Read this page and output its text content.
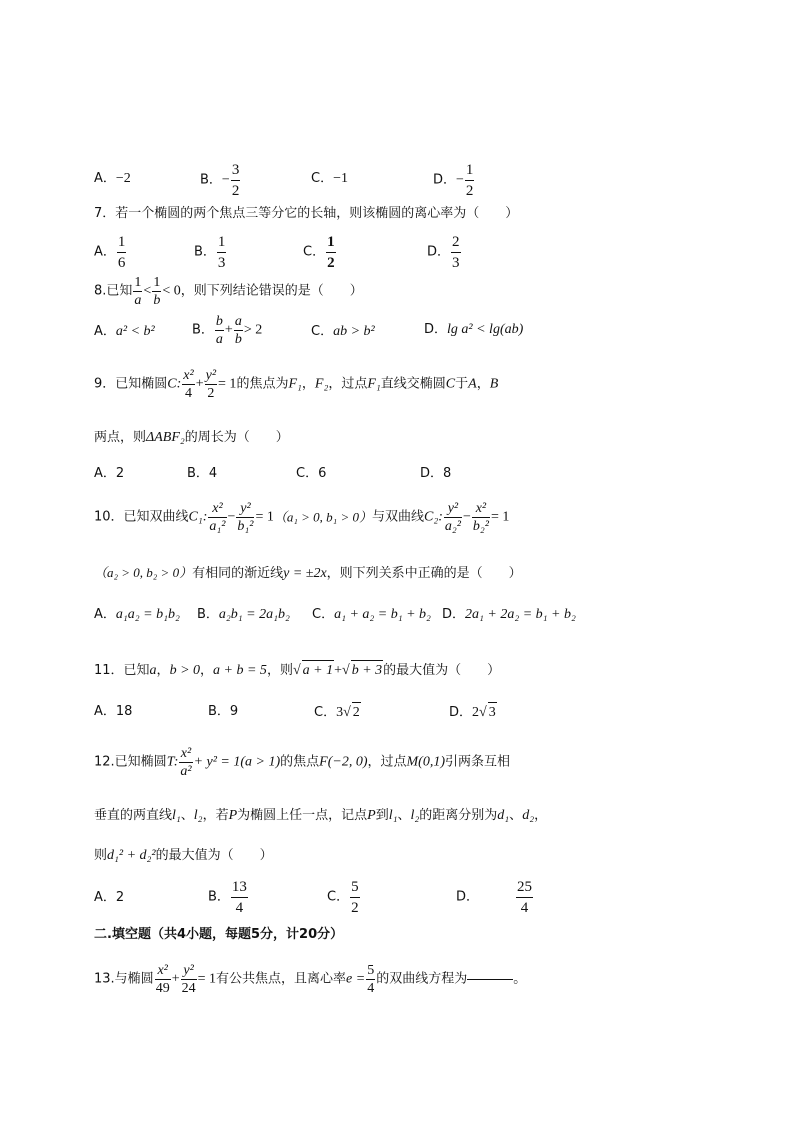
A．−2	B．− $\frac{3}{2}$	C．−1	D．− $\frac{1}{2}$
7．若一个椭圆的两个焦点三等分它的长轴，则该椭圆的离心率为（　　）
A． $\frac{1}{6}$	B． $\frac{1}{3}$	C． $\frac{1}{2}$	D． $\frac{2}{3}$
8.已知 $\frac{1}{a} < \frac{1}{b} < 0$，则下列结论错误的是（　　）
A．a² < b²	B． $\frac{b}{a} + \frac{a}{b} > 2$	C．ab > b²	D．lg a² < lg(ab)
9．已知椭圆C: $\frac{\text{x²}}{4} + \frac{\text{y²}}{2} = 1$的焦点为F₁，F₂，过点F₁直线交椭圆C于A，B
两点，则ΔABF₂的周长为（　　）
A．2	B．4	C．6	D．8
10．已知双曲线C₁: $\frac{\text{x²}}{\text{a₁²}} - \frac{\text{y²}}{\text{b₁²}} = 1(a_1 > 0$, b₁ > 0）与双曲线C₂: $\frac{\text{y²}}{\text{a₂²}} - \frac{\text{x²}}{\text{b₂²}} = 1$
（a₂ > 0, b₂ > 0）有相同的渐近线y = ±2x，则下列关系中正确的是（　　）
A．a₁a₂ = b₁b₂ B．a₂b₁ = 2a₁b₂ C．a₁ + a₂ = b₁ + b₂ D．2a₁ + 2a₂ = b₁ + b₂
11．已知a，b > 0，a + b = 5，则√ a + 1+√ b + 3的最大值为（　　）
A．18	B．9	C．3√ 2	D．2√ 3
12.已知椭圆T: $\frac{\text{x²}}{\text{a²}} + y^2 = 1(a > 1)$的焦点F(−2, 0)，过点M(0,1)引两条互相
垂直的两直线l₁、l₂，若P为椭圆上任一点，记点P到l₁、l₂的距离分别为d₁、d₂，
则d₁² + d₂²的最大值为（　　）
A．2	B． $\frac{13}{4}$	C． $\frac{5}{2}$	D． $\frac{25}{4}$
二.填空题（共4小题，每题5分，计20分）
13.与椭圆 $\frac{\text{x²}}{49} + \frac{\text{y²}}{24} = 1$有公共焦点，且离心率$e = \frac{5}{4}$ 的双曲线方程为	。
